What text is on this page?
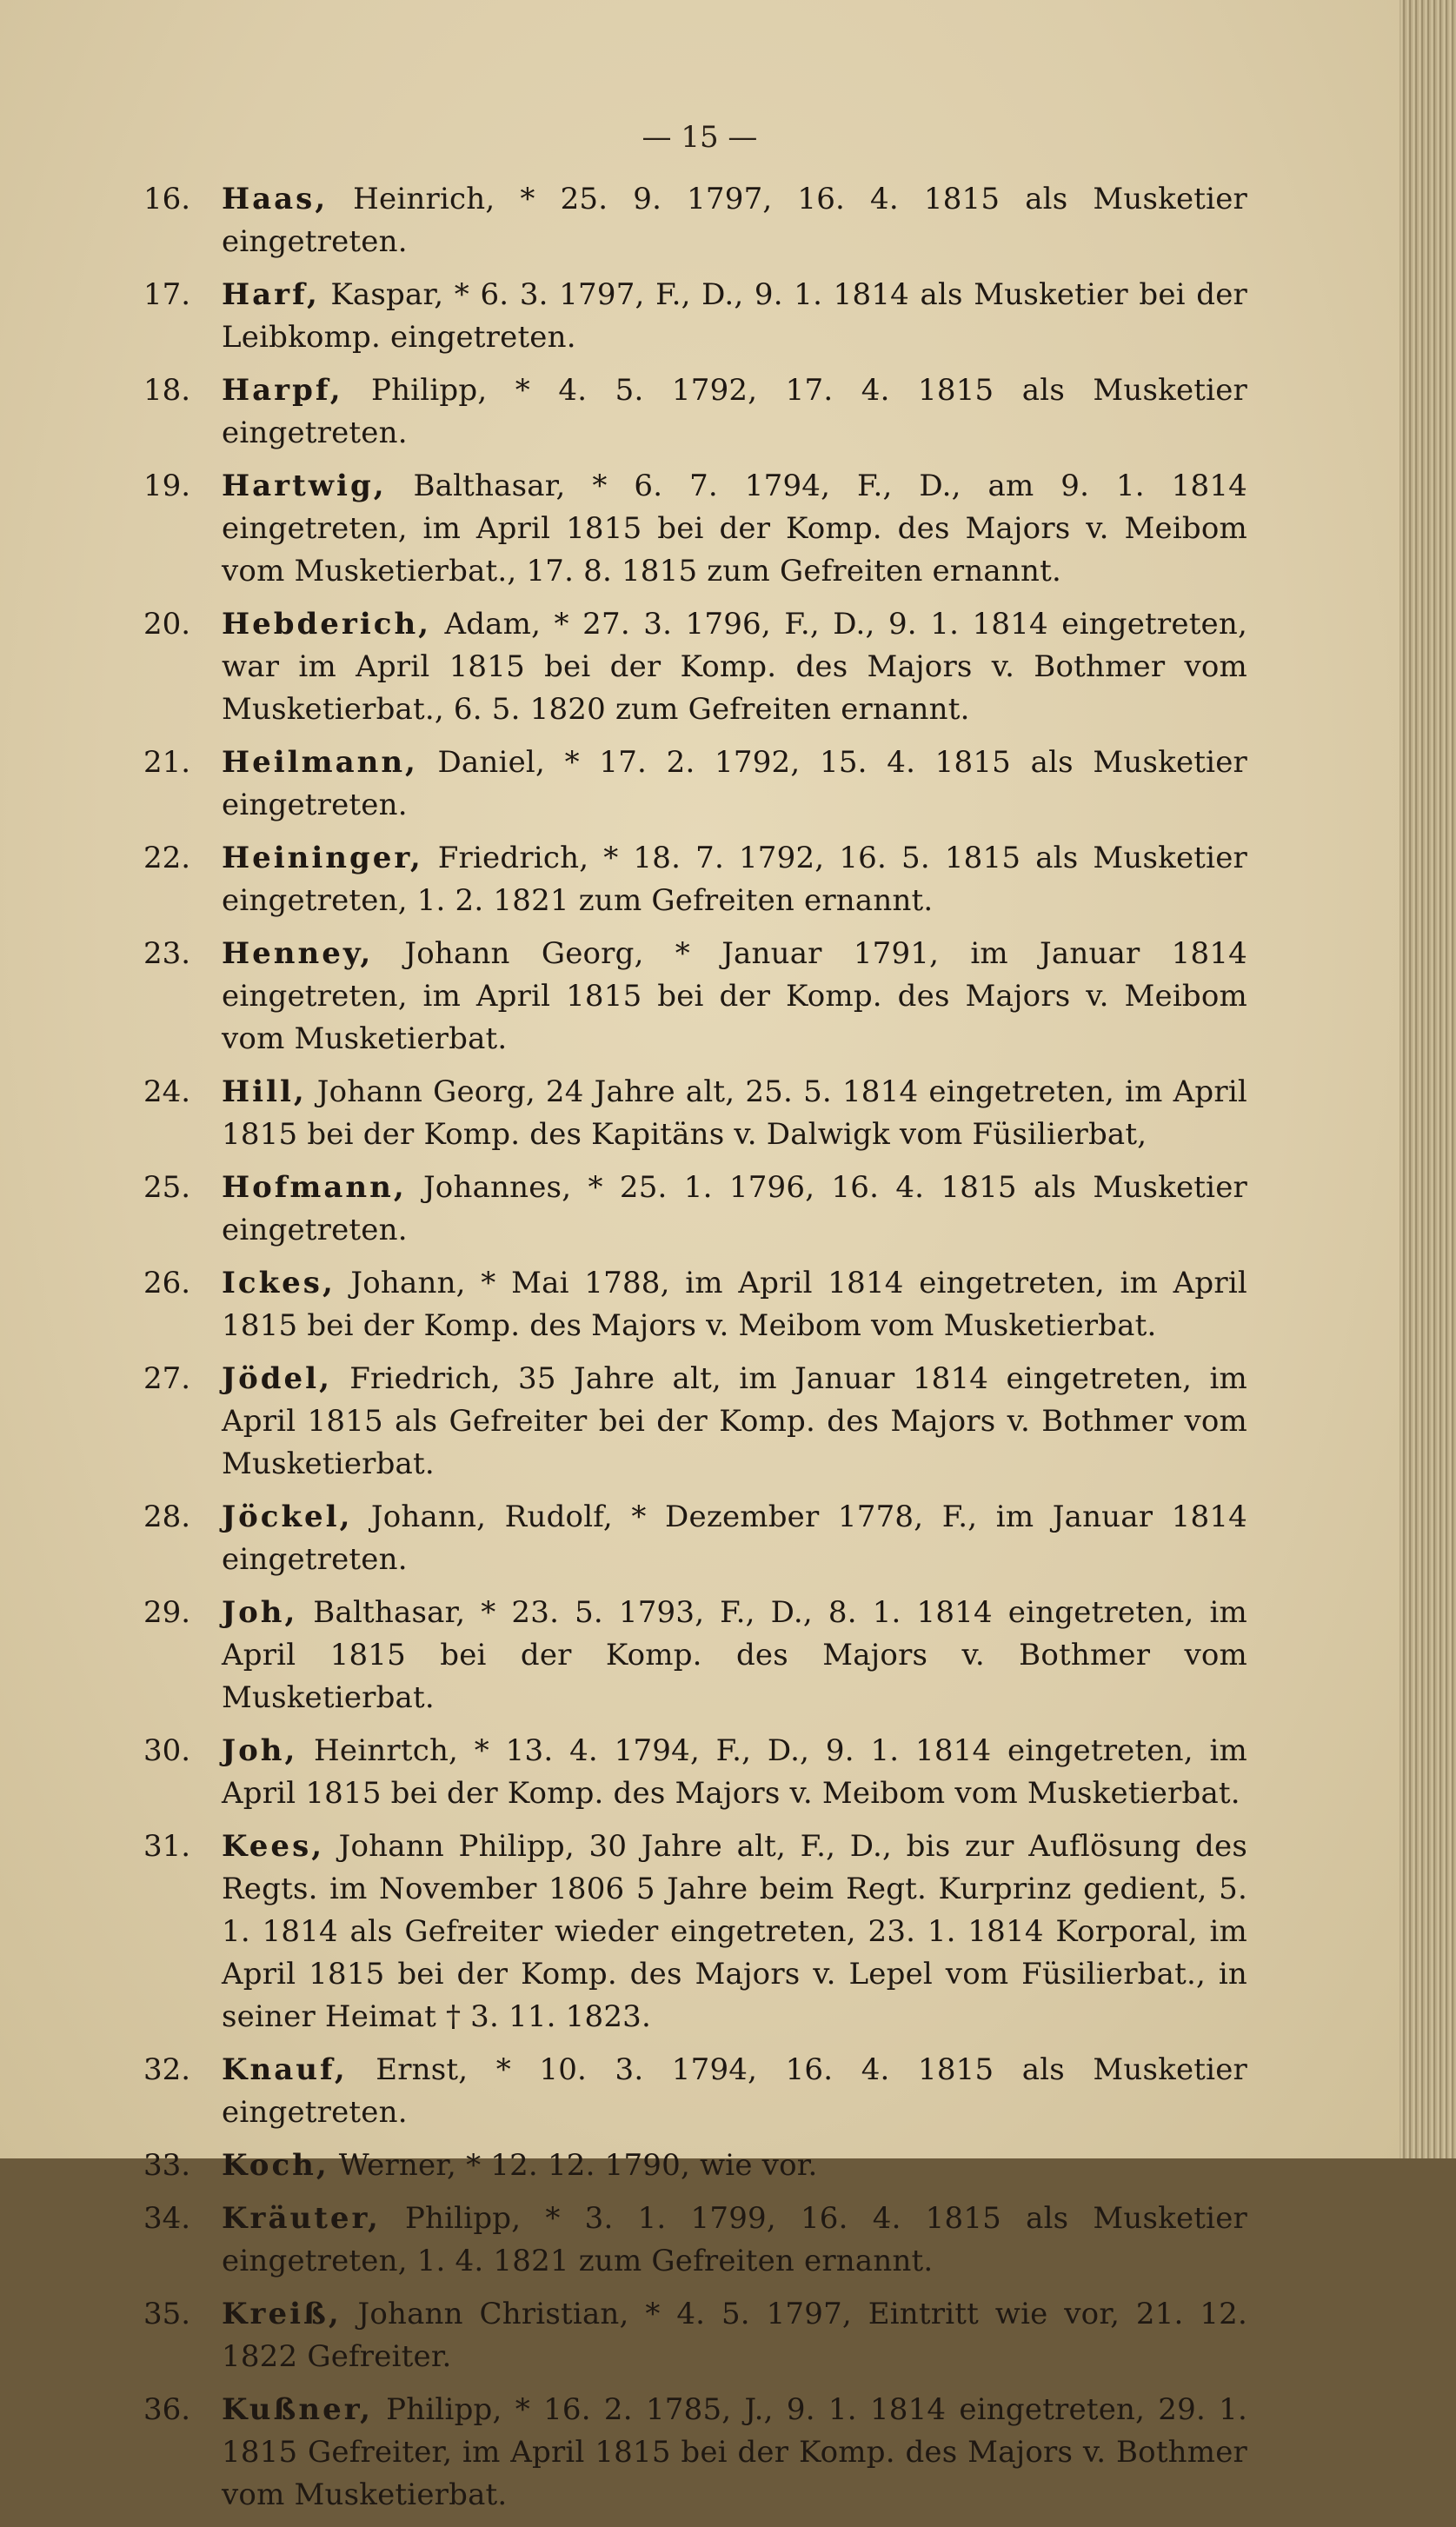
— 15 —
16. Haas, Heinrich, * 25. 9. 1797, 16. 4. 1815 als Musketier eingetreten.
17. Harf, Kaspar, * 6. 3. 1797, F., D., 9. 1. 1814 als Musketier bei der Leibkomp. eingetreten.
18. Harpf, Philipp, * 4. 5. 1792, 17. 4. 1815 als Musketier eingetreten.
19. Hartwig, Balthasar, * 6. 7. 1794, F., D., am 9. 1. 1814 eingetreten, im April 1815 bei der Komp. des Majors v. Meibom vom Musketierbat., 17. 8. 1815 zum Gefreiten ernannt.
20. Hebderich, Adam, * 27. 3. 1796, F., D., 9. 1. 1814 eingetreten, war im April 1815 bei der Komp. des Majors v. Bothmer vom Musketierbat., 6. 5. 1820 zum Gefreiten ernannt.
21. Heilmann, Daniel, * 17. 2. 1792, 15. 4. 1815 als Musketier eingetreten.
22. Heininger, Friedrich, * 18. 7. 1792, 16. 5. 1815 als Musketier eingetreten, 1. 2. 1821 zum Gefreiten ernannt.
23. Henney, Johann Georg, * Januar 1791, im Januar 1814 eingetreten, im April 1815 bei der Komp. des Majors v. Meibom vom Musketierbat.
24. Hill, Johann Georg, 24 Jahre alt, 25. 5. 1814 eingetreten, im April 1815 bei der Komp. des Kapitäns v. Dalwigk vom Füsilierbat,
25. Hofmann, Johannes, * 25. 1. 1796, 16. 4. 1815 als Musketier eingetreten.
26. Ickes, Johann, * Mai 1788, im April 1814 eingetreten, im April 1815 bei der Komp. des Majors v. Meibom vom Musketierbat.
27. Jödel, Friedrich, 35 Jahre alt, im Januar 1814 eingetreten, im April 1815 als Gefreiter bei der Komp. des Majors v. Bothmer vom Musketierbat.
28. Jöckel, Johann, Rudolf, * Dezember 1778, F., im Januar 1814 eingetreten.
29. Joh, Balthasar, * 23. 5. 1793, F., D., 8. 1. 1814 eingetreten, im April 1815 bei der Komp. des Majors v. Bothmer vom Musketierbat.
30. Joh, Heinrtch, * 13. 4. 1794, F., D., 9. 1. 1814 eingetreten, im April 1815 bei der Komp. des Majors v. Meibom vom Musketierbat.
31. Kees, Johann Philipp, 30 Jahre alt, F., D., bis zur Auflösung des Regts. im November 1806 5 Jahre beim Regt. Kurprinz gedient, 5. 1. 1814 als Gefreiter wieder eingetreten, 23. 1. 1814 Korporal, im April 1815 bei der Komp. des Majors v. Lepel vom Füsilierbat., in seiner Heimat † 3. 11. 1823.
32. Knauf, Ernst, * 10. 3. 1794, 16. 4. 1815 als Musketier eingetreten.
33. Koch, Werner, * 12. 12. 1790, wie vor.
34. Kräuter, Philipp, * 3. 1. 1799, 16. 4. 1815 als Musketier eingetreten, 1. 4. 1821 zum Gefreiten ernannt.
35. Kreiß, Johann Christian, * 4. 5. 1797, Eintritt wie vor, 21. 12. 1822 Gefreiter.
36. Kußner, Philipp, * 16. 2. 1785, J., 9. 1. 1814 eingetreten, 29. 1. 1815 Gefreiter, im April 1815 bei der Komp. des Majors v. Bothmer vom Musketierbat.
